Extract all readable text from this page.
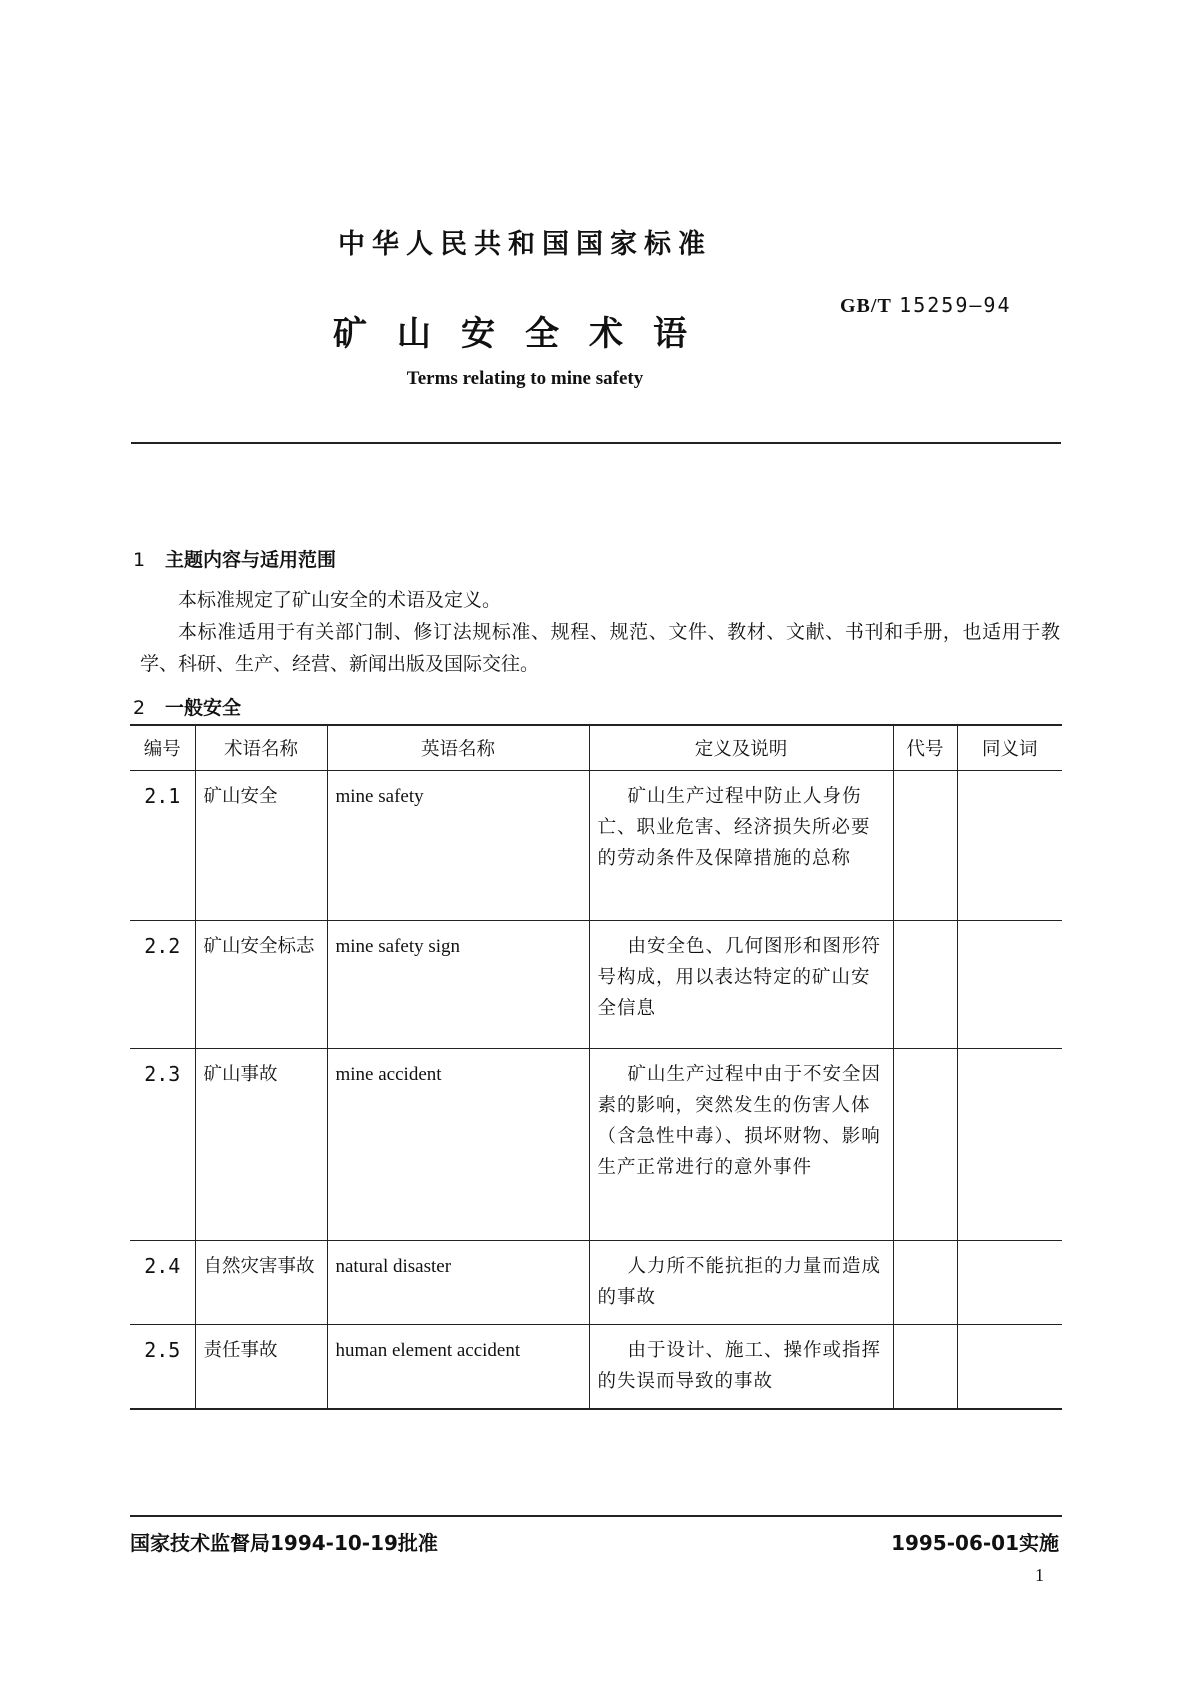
中华人民共和国国家标准
GB/T 15259—94
矿山安全术语
Terms relating to mine safety
1 主题内容与适用范围
本标准规定了矿山安全的术语及定义。
本标准适用于有关部门制、修订法规标准、规程、规范、文件、教材、文献、书刊和手册，也适用于教学、科研、生产、经营、新闻出版及国际交往。
2 一般安全
编号	术语名称	英语名称	定义及说明	代号	同义词
2.1	矿山安全	mine safety	矿山生产过程中防止人身伤亡、职业危害、经济损失所必要的劳动条件及保障措施的总称		
2.2	矿山安全标志	mine safety sign	由安全色、几何图形和图形符号构成，用以表达特定的矿山安全信息		
2.3	矿山事故	mine accident	矿山生产过程中由于不安全因素的影响，突然发生的伤害人体（含急性中毒）、损坏财物、影响生产正常进行的意外事件		
2.4	自然灾害事故	natural disaster	人力所不能抗拒的力量而造成的事故		
2.5	责任事故	human element accident	由于设计、施工、操作或指挥的失误而导致的事故		
国家技术监督局1994-10-19批准	1995-06-01实施
1
